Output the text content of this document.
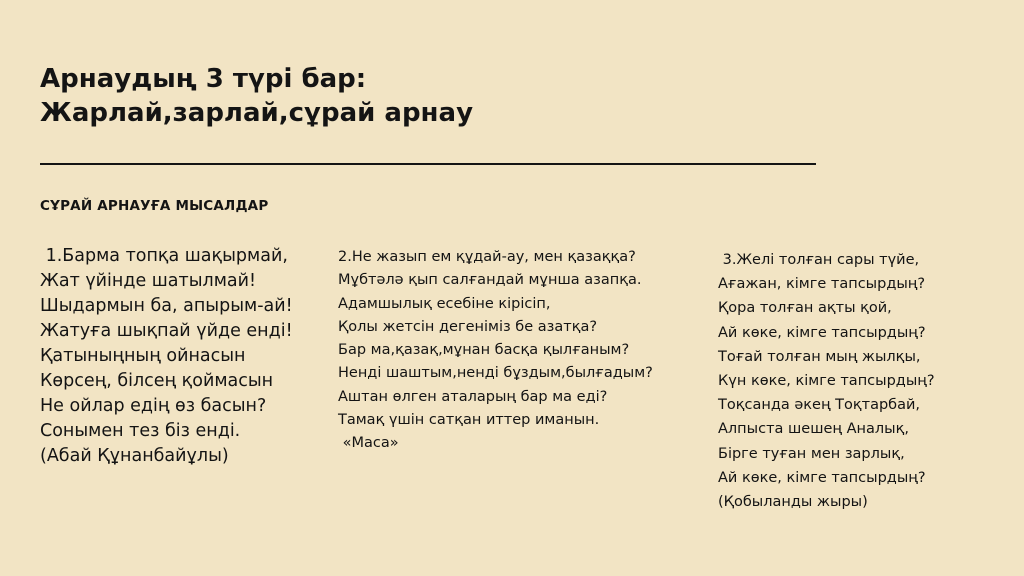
Арнаудың 3 түрі бар:
Жарлай,зарлай,сұрай арнау
СҰРАЙ АРНАУҒА МЫСАЛДАР
1.Барма топқа шақырмай,
Жат үйінде шатылмай!
Шыдармын ба, апырым-ай!
Жатуға шықпай үйде енді!
Қатыныңның ойнасын
Көрсең, білсең қоймасын
Не ойлар едің өз басын?
Сонымен тез біз енді.
(Абай Құнанбайұлы)
2.Не жазып ем құдай-ау, мен қазаққа?
Мұбтәлә қып салғандай мұнша азапқа.
Адамшылық есебіне кірісіп,
Қолы жетсін дегеніміз бе азатқа?
Бар ма,қазақ,мұнан басқа қылғаным?
Ненді шаштым,ненді бұздым,былғадым?
Аштан өлген аталарың бар ма еді?
Тамақ үшін сатқан иттер иманын.
«Маса»
3.Желі толған сары түйе,
Ағажан, кімге тапсырдың?
Қора толған ақты қой,
Ай көке, кімге тапсырдың?
Тоғай толған мың жылқы,
Күн көке, кімге тапсырдың?
Тоқсанда әкең Тоқтарбай,
Алпыста шешең Аналық,
Бірге туған мен зарлық,
Ай көке, кімге тапсырдың?
(Қобыланды жыры)
